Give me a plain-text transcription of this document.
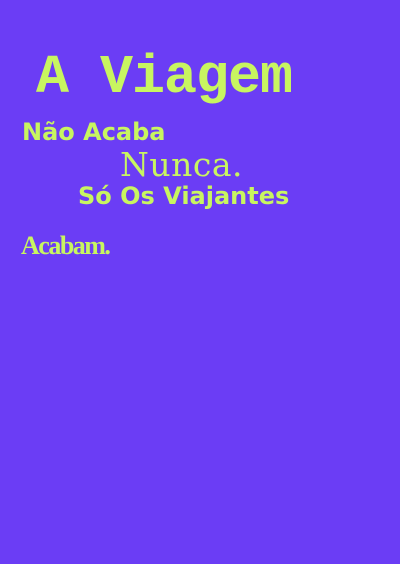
A Viagem
Não Acaba
Nunca.
Só Os Viajantes
Acabam.
